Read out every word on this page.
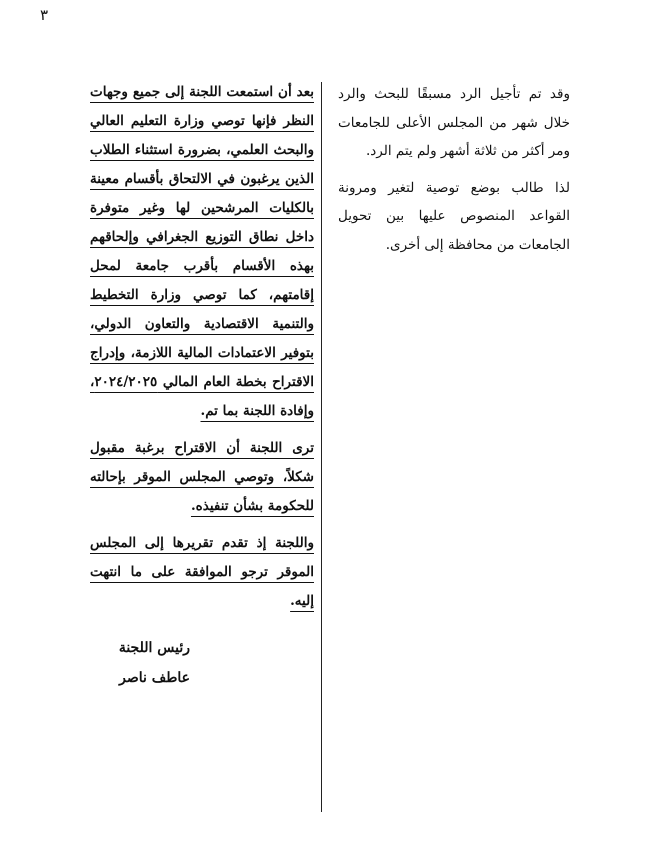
٣

وقد تم تأجيل الرد مسبقًا للبحث والرد خلال شهر من المجلس الأعلى للجامعات ومر أكثر من ثلاثة أشهر ولم يتم الرد.

لذا طالب بوضع توصية لتغير ومرونة القواعد المنصوص عليها بين تحويل الجامعات من محافظة إلى أخرى.

بعد أن استمعت اللجنة إلى جميع وجهات النظر فإنها توصي وزارة التعليم العالي والبحث العلمي، بضرورة استثناء الطلاب الذين يرغبون في الالتحاق بأقسام معينة بالكليات المرشحين لها وغير متوفرة داخل نطاق التوزيع الجغرافي وإلحاقهم بهذه الأقسام بأقرب جامعة لمحل إقامتهم، كما توصي وزارة التخطيط والتنمية الاقتصادية والتعاون الدولي، بتوفير الاعتمادات المالية اللازمة، وإدراج الاقتراح بخطة العام المالي ٢٠٢٤/٢٠٢٥، وإفادة اللجنة بما تم.

ترى اللجنة أن الاقتراح برغبة مقبول شكلاً، وتوصي المجلس الموقر بإحالته للحكومة بشأن تنفيذه.

واللجنة إذ تقدم تقريرها إلى المجلس الموقر ترجو الموافقة على ما انتهت إليه.

رئيس اللجنة
عاطف ناصر
